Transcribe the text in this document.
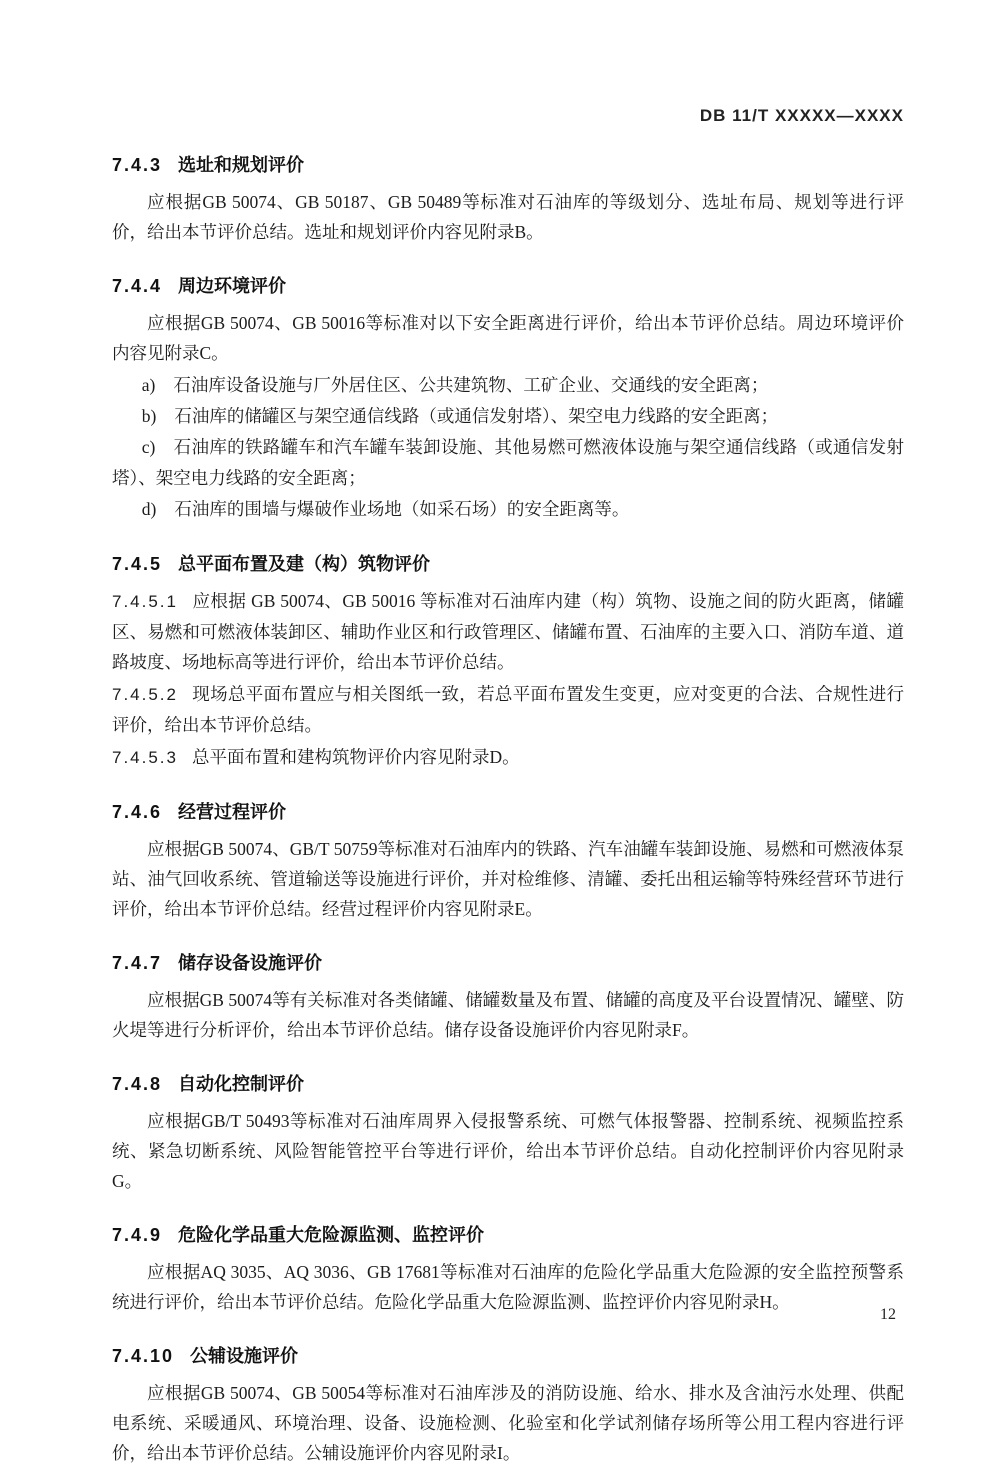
DB 11/T XXXXX—XXXX

7.4.3 选址和规划评价

应根据GB 50074、GB 50187、GB 50489等标准对石油库的等级划分、选址布局、规划等进行评价，给出本节评价总结。选址和规划评价内容见附录B。

7.4.4 周边环境评价

应根据GB 50074、GB 50016等标准对以下安全距离进行评价，给出本节评价总结。周边环境评价内容见附录C。

a) 石油库设备设施与厂外居住区、公共建筑物、工矿企业、交通线的安全距离；

b) 石油库的储罐区与架空通信线路（或通信发射塔）、架空电力线路的安全距离；

c) 石油库的铁路罐车和汽车罐车装卸设施、其他易燃可燃液体设施与架空通信线路（或通信发射塔）、架空电力线路的安全距离；

d) 石油库的围墙与爆破作业场地（如采石场）的安全距离等。

7.4.5 总平面布置及建（构）筑物评价

7.4.5.1 应根据 GB 50074、GB 50016 等标准对石油库内建（构）筑物、设施之间的防火距离，储罐区、易燃和可燃液体装卸区、辅助作业区和行政管理区、储罐布置、石油库的主要入口、消防车道、道路坡度、场地标高等进行评价，给出本节评价总结。

7.4.5.2 现场总平面布置应与相关图纸一致，若总平面布置发生变更，应对变更的合法、合规性进行评价，给出本节评价总结。

7.4.5.3 总平面布置和建构筑物评价内容见附录D。

7.4.6 经营过程评价

应根据GB 50074、GB/T 50759等标准对石油库内的铁路、汽车油罐车装卸设施、易燃和可燃液体泵站、油气回收系统、管道输送等设施进行评价，并对检维修、清罐、委托出租运输等特殊经营环节进行评价，给出本节评价总结。经营过程评价内容见附录E。

7.4.7 储存设备设施评价

应根据GB 50074等有关标准对各类储罐、储罐数量及布置、储罐的高度及平台设置情况、罐壁、防火堤等进行分析评价，给出本节评价总结。储存设备设施评价内容见附录F。

7.4.8 自动化控制评价

应根据GB/T 50493等标准对石油库周界入侵报警系统、可燃气体报警器、控制系统、视频监控系统、紧急切断系统、风险智能管控平台等进行评价，给出本节评价总结。自动化控制评价内容见附录G。

7.4.9 危险化学品重大危险源监测、监控评价

应根据AQ 3035、AQ 3036、GB 17681等标准对石油库的危险化学品重大危险源的安全监控预警系统进行评价，给出本节评价总结。危险化学品重大危险源监测、监控评价内容见附录H。

7.4.10 公辅设施评价

应根据GB 50074、GB 50054等标准对石油库涉及的消防设施、给水、排水及含油污水处理、供配电系统、采暖通风、环境治理、设备、设施检测、化验室和化学试剂储存场所等公用工程内容进行评价，给出本节评价总结。公辅设施评价内容见附录I。

12
